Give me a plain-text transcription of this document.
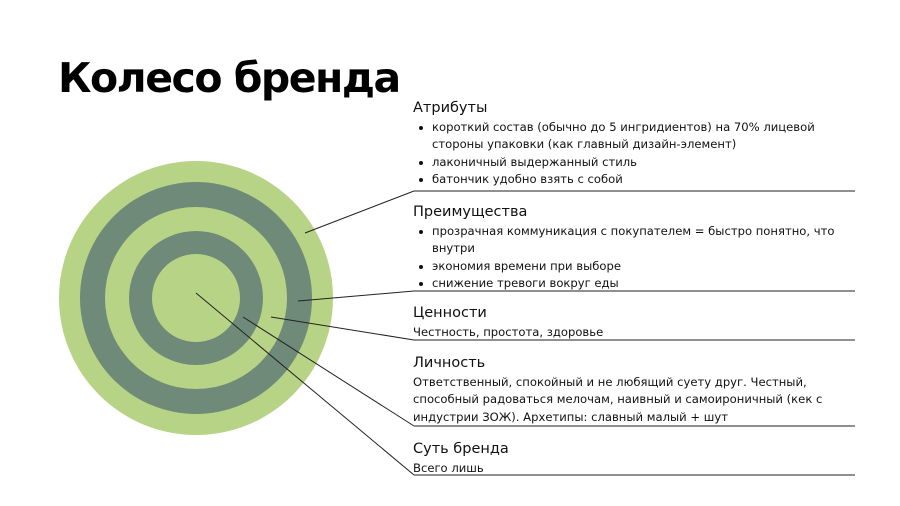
Колесо бренда
Атрибуты
короткий состав (обычно до 5 ингридиентов) на 70% лицевой стороны упаковки (как главный дизайн-элемент)
лаконичный выдержанный стиль
батончик удобно взять с собой
Преимущества
прозрачная коммуникация с покупателем = быстро понятно, что внутри
экономия времени при выборе
снижение тревоги вокруг еды
Ценности

Честность, простота, здоровье

Личность

Ответственный, спокойный и не любящий суету друг. Честный, способный радоваться мелочам, наивный и самоироничный (кек с индустрии ЗОЖ). Архетипы: славный малый + шут

Суть бренда

Всего лишь
